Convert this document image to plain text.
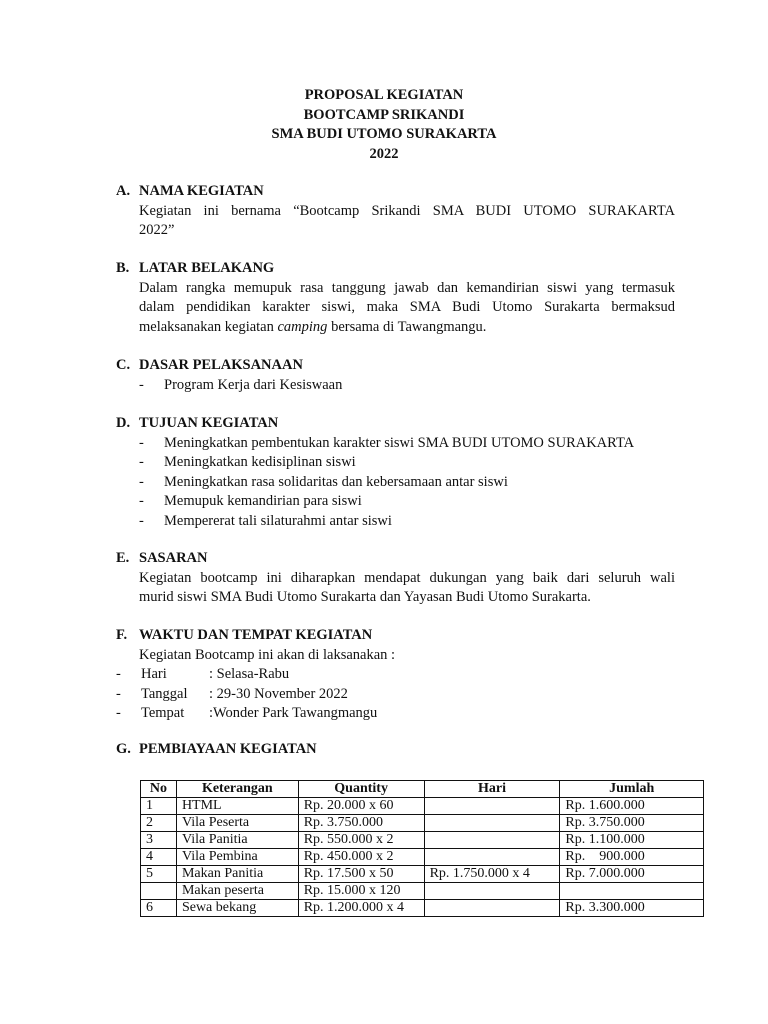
PROPOSAL KEGIATAN
BOOTCAMP SRIKANDI
SMA BUDI UTOMO SURAKARTA
2022
A. NAMA KEGIATAN
Kegiatan ini bernama “Bootcamp Srikandi SMA BUDI UTOMO SURAKARTA
2022”
B. LATAR BELAKANG
Dalam rangka memupuk rasa tanggung jawab dan kemandirian siswi yang termasuk
dalam pendidikan karakter siswi, maka SMA Budi Utomo Surakarta bermaksud
melaksanakan kegiatan camping bersama di Tawangmangu.
C. DASAR PELAKSANAAN
- Program Kerja dari Kesiswaan
D. TUJUAN KEGIATAN
- Meningkatkan pembentukan karakter siswi SMA BUDI UTOMO SURAKARTA
- Meningkatkan kedisiplinan siswi
- Meningkatkan rasa solidaritas dan kebersamaan antar siswi
- Memupuk kemandirian para siswi
- Mempererat tali silaturahmi antar siswi
E. SASARAN
Kegiatan bootcamp ini diharapkan mendapat dukungan yang baik dari seluruh wali
murid siswi SMA Budi Utomo Surakarta dan Yayasan Budi Utomo Surakarta.
F. WAKTU DAN TEMPAT KEGIATAN
Kegiatan Bootcamp ini akan di laksanakan :
- Hari	: Selasa-Rabu
- Tanggal : 29-30 November 2022
- Tempat :Wonder Park Tawangmangu
G. PEMBIAYAAN KEGIATAN
No	Keterangan	Quantity	Hari	Jumlah
1	HTML	Rp. 20.000 x 60		Rp. 1.600.000
2	Vila Peserta	Rp. 3.750.000		Rp. 3.750.000
3	Vila Panitia	Rp. 550.000 x 2		Rp. 1.100.000
4	Vila Pembina	Rp. 450.000 x 2		Rp.    900.000
5	Makan Panitia	Rp. 17.500 x 50	Rp. 1.750.000 x 4	Rp. 7.000.000
	Makan peserta	Rp. 15.000 x 120		
6	Sewa bekang	Rp. 1.200.000 x 4		Rp. 3.300.000
